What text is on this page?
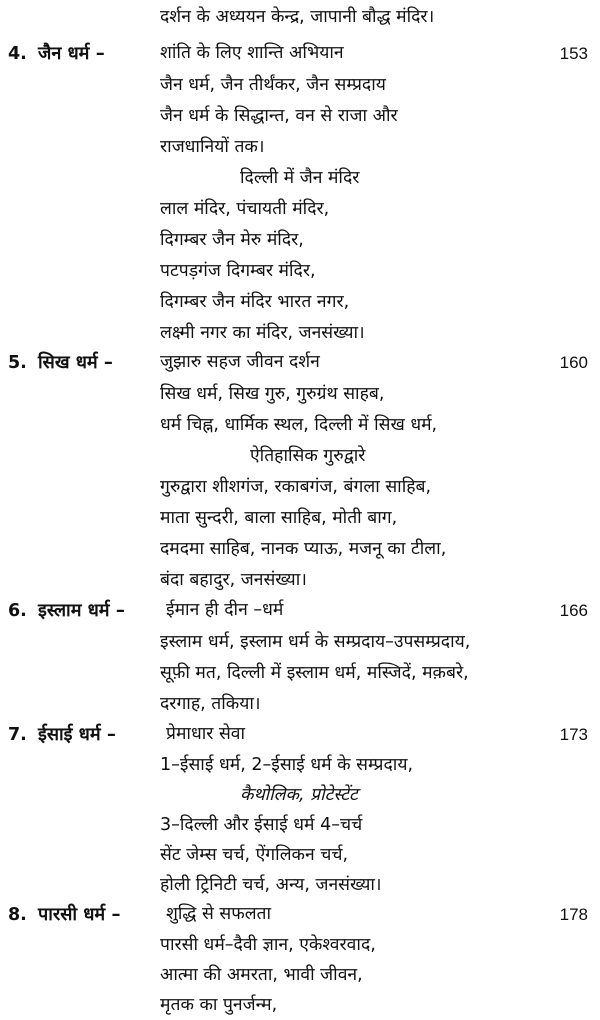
दर्शन के अध्ययन केन्द्र, जापानी बौद्ध मंदिर।
4. जैन धर्म –	शांति के लिए शान्ति अभियान	153
जैन धर्म, जैन तीर्थंकर, जैन सम्प्रदाय
जैन धर्म के सिद्धान्त, वन से राजा और
राजधानियों तक।
दिल्ली में जैन मंदिर
लाल मंदिर, पंचायती मंदिर,
दिगम्बर जैन मेरु मंदिर,
पटपड़गंज दिगम्बर मंदिर,
दिगम्बर जैन मंदिर भारत नगर,
लक्ष्मी नगर का मंदिर, जनसंख्या।
5. सिख धर्म –	जुझारु सहज जीवन दर्शन	160
सिख धर्म, सिख गुरु, गुरुग्रंथ साहब,
धर्म चिह्न, धार्मिक स्थल, दिल्ली में सिख धर्म,
ऐतिहासिक गुरुद्वारे
गुरुद्वारा शीशगंज, रकाबगंज, बंगला साहिब,
माता सुन्दरी, बाला साहिब, मोती बाग,
दमदमा साहिब, नानक प्याऊ, मजनू का टीला,
बंदा बहादुर, जनसंख्या।
6. इस्लाम धर्म – ईमान ही दीन –धर्म	166
इस्लाम धर्म, इस्लाम धर्म के सम्प्रदाय–उपसम्प्रदाय,
सूफ़ी मत, दिल्ली में इस्लाम धर्म, मस्जिदें, मक़बरे,
दरगाह, तकिया।
7. ईसाई धर्म –	प्रेमाधार सेवा	173
1–ईसाई धर्म, 2–ईसाई धर्म के सम्प्रदाय,
कैथोलिक, प्रोटेस्टेंट
3–दिल्ली और ईसाई धर्म 4–चर्च
सेंट जेम्स चर्च, ऐंगलिकन चर्च,
होली ट्रिनिटी चर्च, अन्य, जनसंख्या।
8. पारसी धर्म –	शुद्धि से सफलता	178
पारसी धर्म–दैवी ज्ञान, एकेश्वरवाद,
आत्मा की अमरता, भावी जीवन,
मृतक का पुनर्जन्म,
